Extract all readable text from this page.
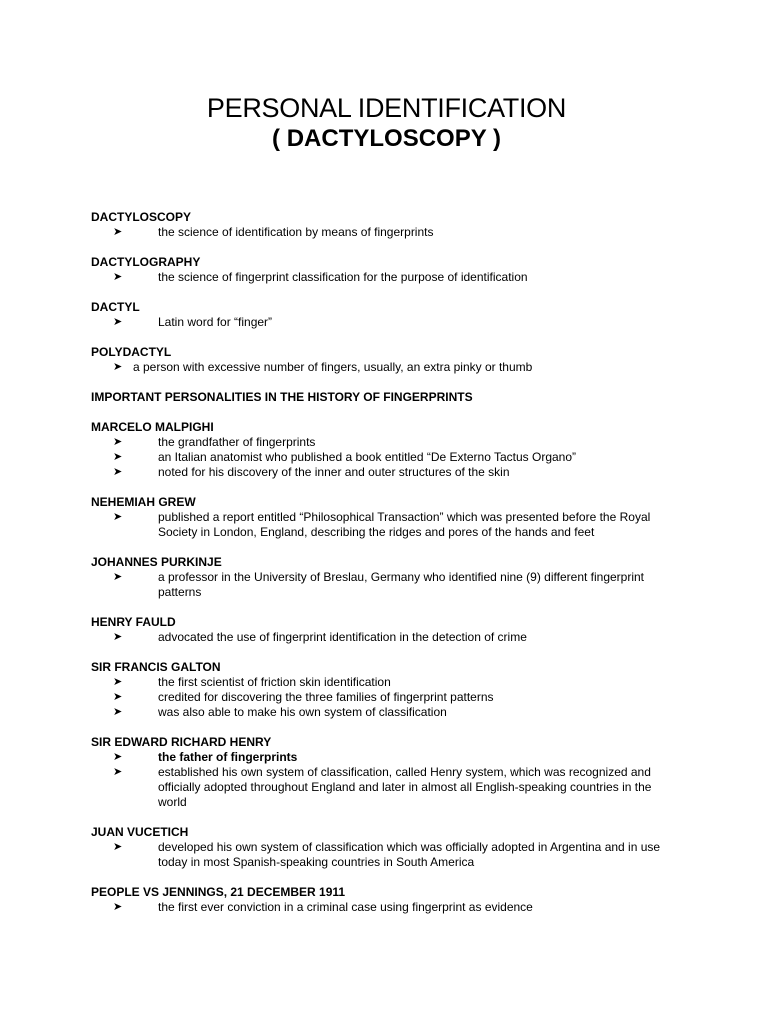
PERSONAL IDENTIFICATION
( DACTYLOSCOPY )
DACTYLOSCOPY
➤	the science of identification by means of fingerprints
DACTYLOGRAPHY
➤	the science of fingerprint classification for the purpose of identification
DACTYL
➤	Latin word for “finger”
POLYDACTYL
➤ a person with excessive number of fingers, usually, an extra pinky or thumb
IMPORTANT PERSONALITIES IN THE HISTORY OF FINGERPRINTS
MARCELO MALPIGHI
➤	the grandfather of fingerprints
➤	an Italian anatomist who published a book entitled “De Externo Tactus Organo”
➤	noted for his discovery of the inner and outer structures of the skin
NEHEMIAH GREW
➤	published a report entitled “Philosophical Transaction” which was presented before the Royal Society in London, England, describing the ridges and pores of the hands and feet
JOHANNES PURKINJE
➤	a professor in the University of Breslau, Germany who identified nine (9) different fingerprint patterns
HENRY FAULD
➤	advocated the use of fingerprint identification in the detection of crime
SIR FRANCIS GALTON
➤	the first scientist of friction skin identification
➤	credited for discovering the three families of fingerprint patterns
➤	was also able to make his own system of classification
SIR EDWARD RICHARD HENRY
➤	the father of fingerprints
➤	established his own system of classification, called Henry system, which was recognized and officially adopted throughout England and later in almost all English-speaking countries in the world
JUAN VUCETICH
➤	developed his own system of classification which was officially adopted in Argentina and in use today in most Spanish-speaking countries in South America
PEOPLE VS JENNINGS, 21 DECEMBER 1911
➤	the first ever conviction in a criminal case using fingerprint as evidence
